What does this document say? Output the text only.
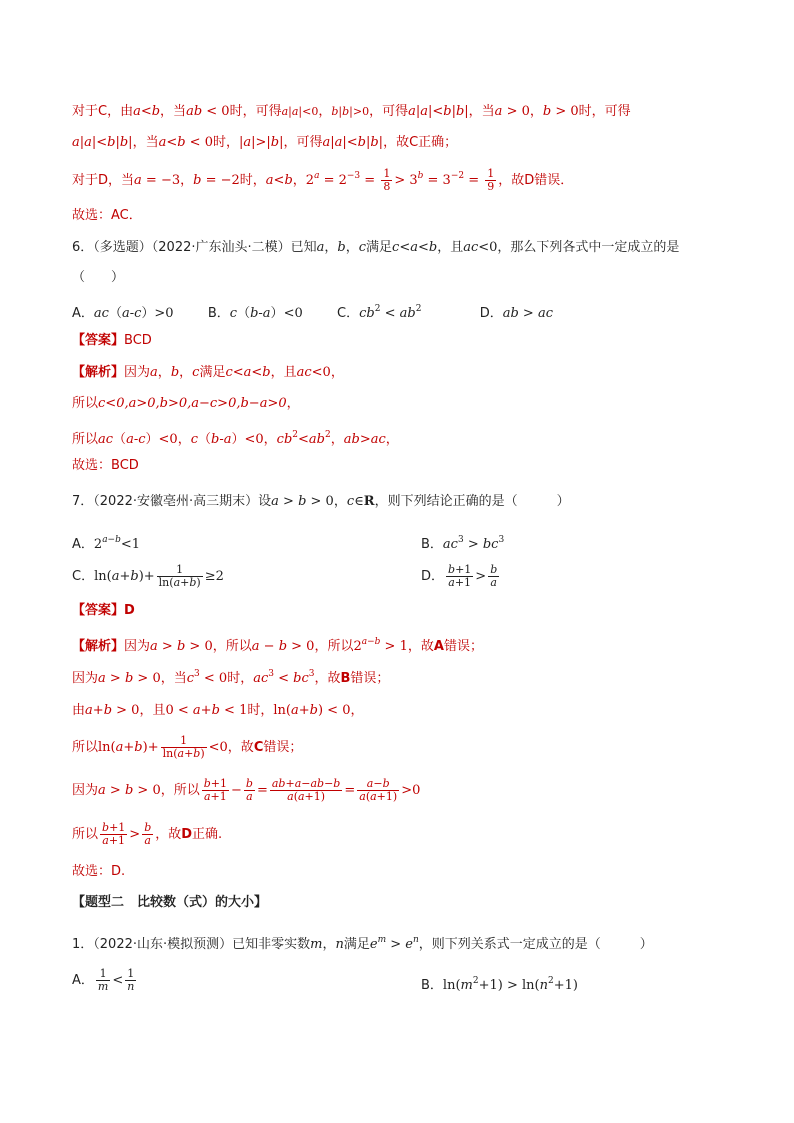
对于C，由a<b，当ab < 0时，可得a|a|<0，b|b|>0，可得a|a|<b|b|，当a > 0，b > 0时，可得
a|a|<b|b|，当a<b < 0时，|a|>|b|，可得a|a|<b|b|，故C正确；
对于D，当a = −3，b = −2时，a<b，$2^a = 2^{-3} = \frac{1}{8} > 3^b = 3^{-2} = \frac{1}{9}$ ，故D错误．
故选：AC．
6．（多选题）（2022·广东汕头·二模）已知a，b，c满足c<a<b，且ac<0，那么下列各式中一定成立的是
（　　）
A．ac（a-c）>0	B．c（b-a）<0	C．$cb^2 < ab^2$	D．ab > ac
【答案】BCD
【解析】因为a，b，c满足c<a<b，且ac<0，
所以c<0,a>0,b>0,a−c>0,b−a>0，
所以ac（a-c）<0，c（b-a）<0，$cb^2<ab^2$，ab>ac，
故选：BCD
7．（2022·安徽亳州·高三期末）设a > b > 0，c∈R，则下列结论正确的是（　　　）
A．$2^{a-b}<1$	B．$ac^3 > bc^3$
C．$\ln(a+b)+ \frac{1}{\ln(a+b)} \ge 2$	D． $\frac{b+1}{a+1} > \frac{b}{a}$
【答案】D
【解析】因为a > b > 0，所以a − b > 0，所以$2^{a-b} > 1$，故A错误；
因为a > b > 0，当$c^3 < 0$时，$ac^3 < bc^3$，故B错误；
由a+b > 0，且0 < a+b < 1时，ln(a+b) < 0，
所以$\ln(a+b)+ \frac{1}{\ln(a+b)} <0$，故C错误；
因为a > b > 0，所以 $\frac{b+1}{a+1} - \frac{b}{a} = \frac{ab+a-ab-b}{a(a+1)} = \frac{a-b}{a(a+1)} >0$
所以 $\frac{b+1}{a+1} > \frac{b}{a}$ ，故D正确.
故选：D.
【题型二　比较数（式）的大小】
1．（2022·山东·模拟预测）已知非零实数m，n满足$e^m > e^n$，则下列关系式一定成立的是（　　　）
A． $\frac{1}{m} < \frac{1}{n}$	B．$\ln(m^2+1) > \ln(n^2+1)$
